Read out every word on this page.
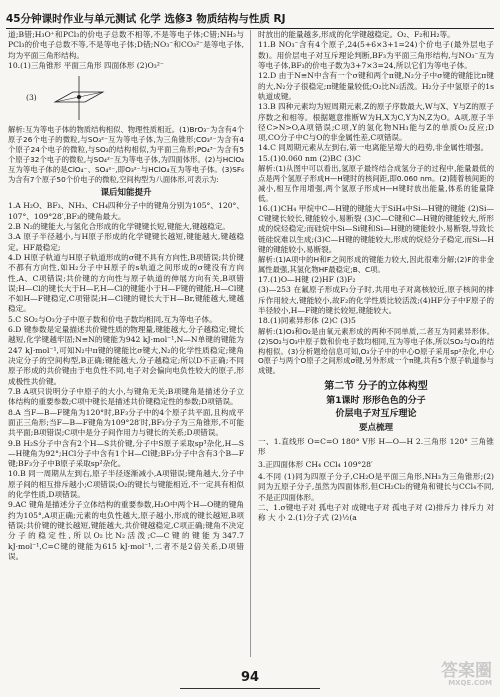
45分钟课时作业与单元测试 化学 选修3 物质结构与性质 RJ

道;B错;H₃O⁺和PCl₃的价电子总数不相等,不是等电子体;C错;NH₃与PCl₃的价电子总数不等,不是等电子体;D错;NO₃⁻和CO₃²⁻是等电子体,均为平面三角形结构。

10.(1)三角锥形 平面三角形 四面体形 (2)O₃²⁻

(3)

解析:互为等电子体的物质结构相似、物理性质相近。(1)BrO₃⁻为含有4个原子26个电子的微粒,与SO₃²⁻互为等电子体,为三角锥形;CO₃²⁻为含有4个原子24个电子的微粒,与SO₃的结构相似,为平面三角形;PO₄³⁻为含有5个原子32个电子的微粒,与SO₄²⁻互为等电子体,为四面体形。(2)与HClO₄互为等电子体的是ClO₄⁻、SO₄²⁻,即O₃²⁻与HClO₄互为等电子体。(3)SF₆为含有7个原子50个价电子的微粒,空间构型为八面体形,可表示为:

课后知能提升

1.A H₂O、BF₃、NH₃、CH₄四种分子中的键角分别为105°、120°、107°、109°28′,BF₃的键角最大。

2.B N₂的键能大,与氢化合形成的化学键键长短,键能大,键越稳定。

3.A 原子半径越小,与H原子形成的化学键键长越短,键能越大,键越稳定。HF最稳定;

4.D H原子轨道与H原子轨道形成的σ键不具有方向性,B项错误;共价键不都有方向性,如H₂分子中H原子的s轨道之间形成的σ键没有方向性,A、C项错误;共价键的方向性与原子轨道的伸展方向有关,B项错误;H—Cl的键长大于H—F,H—Cl的键能小于H—F键的键能,H—Cl键不如H—F键稳定,C项错误;H—Cl键的键长大于H—Br,键能越大,键越稳定。

5.C SO₂与O₃分子中原子数和价电子数均相同,互为等电子体。

6.D 键参数是定量描述共价键性质的物理量,键能越大,分子越稳定;键长越短,化学键越牢固;N≡N的键能为942 kJ·mol⁻¹,N—N单键的键能为247 kJ·mol⁻¹,可知N₂中π键的键能比σ键大,N₂的化学性质稳定;键角决定分子的空间构型,B正确;键能越大,分子越稳定;所以D不正确;不同原子形成的共价键由于电负性不同,电子对会偏向电负性较大的原子,形成极性共价键。

7.B A项只说明分子中原子的大小,与键角无关;B项键角是描述分子立体结构的重要参数;C项中键长是描述共价键稳定性的参数;D项错误。

8.A 当F—B—F键角为120°时,BF₃分子中的4个原子共平面,且构成平面正三角形;当F—B—F键角为109°28′时,BF₃分子为三角锥形,不可能共平面;B项错误;C项中是分子间作用力与键长的关系;D项错误。

9.B H₂S分子中含有2个H—S共价键,分子中S原子采取sp³杂化,H—S—H键角为92°;HCl分子中含有1个H—Cl键;BF₃分子中含有3个B—F键;BF₃分子中B原子采取sp²杂化。

10.B 同一周期从左到右,原子半径逐渐减小,A项错误;键角越大,分子中原子间的相互排斥越小;C项错误;O₂的键长与键能相近,不一定具有相似的化学性质,D项错误。

9.AC 键角是描述分子立体结构的重要参数,H₂O中两个H—O键的键角约为105°,A项正确;元素的电负性越大,原子越小,形成的键长越短,B项错误;共价键的键长越短,键能越大,共价键越稳定,C项正确;键角不决定分子的稳定性,所以O₂比N₂活泼;C—C键的键能为347.7 kJ·mol⁻¹,C=C键的键能为615 kJ·mol⁻¹,二者不是2倍关系,D项错误。

时放出的能量越多,形成的化学键越稳定。O₂、F₂和H₂等。

11.B NO₃⁻含有4个原子,24(5+6×3+1=24)个价电子(最外层电子数)。用价层电子对互斥理论判断,BF₃为平面三角形结构,与NO₃⁻互为等电子体,BF₃的价电子数为3+7×3=24,所以它们为等电子体。

12.D 由于N≡N中含有一个σ键和两个π键,N₂分子中σ键的键能比π键的大,N₂分子很稳定;π键能量较低;O₂比N₂活泼。H₂分子中氢原子的1s轨道成键。

13.B 四种元素均为短周期元素,Z的原子序数最大,W与X、Y与Z的原子序数之和相等。根据题意推断W为H,X为C,Y为N,Z为O。A项,原子半径C>N>O,A项错误;C项,Y的氢化物NH₃能与Z的单质O₂反应;D项,CO分子中C与O的非金属性差,C项错误。

14.C 同周期元素从左到右,第一电离能呈增大的趋势,非金属性增强。

15.(1)0.060 nm (2)BC (3)C

解析:(1)从图中可以看出,氢原子最终结合成氢分子的过程中,能量最低的点是两个氢原子形成H—H键时的核间距,即0.060 nm。(2)随着核间距的减小,相互作用增强,两个氢原子形成H—H键时放出能量,体系的能量降低。

16.(1)CH₄ 甲烷中C—H键的键能大于SiH₄中Si—H键的键能 (2)Si—C键键长较长,键能较小,易断裂 (3)C—C键和C—H键的键能较大,所形成的烷烃稳定;而硅烷中Si—Si键和Si—H键的键能较小,易断裂,导致长链硅烷难以生成;(3)C—H键的键能较大,形成的烷烃分子稳定,而Si—H键的键能较小,易断裂。

解析:(1)A项中的H和F之间形成的键能力较大,因此很难分解;(2)F的非金属性最强,其氢化物HF最稳定;B、C项。

17.(1)O—H键 (2)HF (3)F₂

(3)—253 在氟原子形成F₂分子时,共用电子对离核较近,原子核间的排斥作用较大,键能较小,故F₂的化学性质比较活泼;(4)HF分子中F原子的半径较小,H—F键的键长较短,键能较大。

18.(1)同素异形体 (2)C (3)5

解析:(1)O₃和O₂是由氧元素形成的两种不同单质,二者互为同素异形体。(2)SO₂与O₃中原子数和价电子数均相同,互为等电子体,所以SO₂与O₃的结构相似。(3)分析题给信息可知,O₃分子中的中心O原子采用sp²杂化,中心O原子与两个O原子之间形成σ键,另外形成一个π键,共有5个原子轨道参与成键。

第二节 分子的立体构型
第1课时 形形色色的分子
价层电子对互斥理论
要点梳理

一、1.直线形 O=C=O 180° V形 H—O—H 2.三角形 120° 三角锥形

3.正四面体形 CH₄ CCl₄ 109°28′

4.不同 (1)同为四原子分子,CH₂O是平面三角形,NH₃为三角锥形;(2)同为五原子分子,虽然为四面体形,但CH₂Cl₂的键角和键长与CCl₄不同,不是正四面体形。

二、1.σ键电子对 孤电子对 成键电子对 孤电子对 (2)排斥力 排斥力 对称 大 小 2.(1)分子式 (2)½(a

94	答案圈
MXQE.COM
